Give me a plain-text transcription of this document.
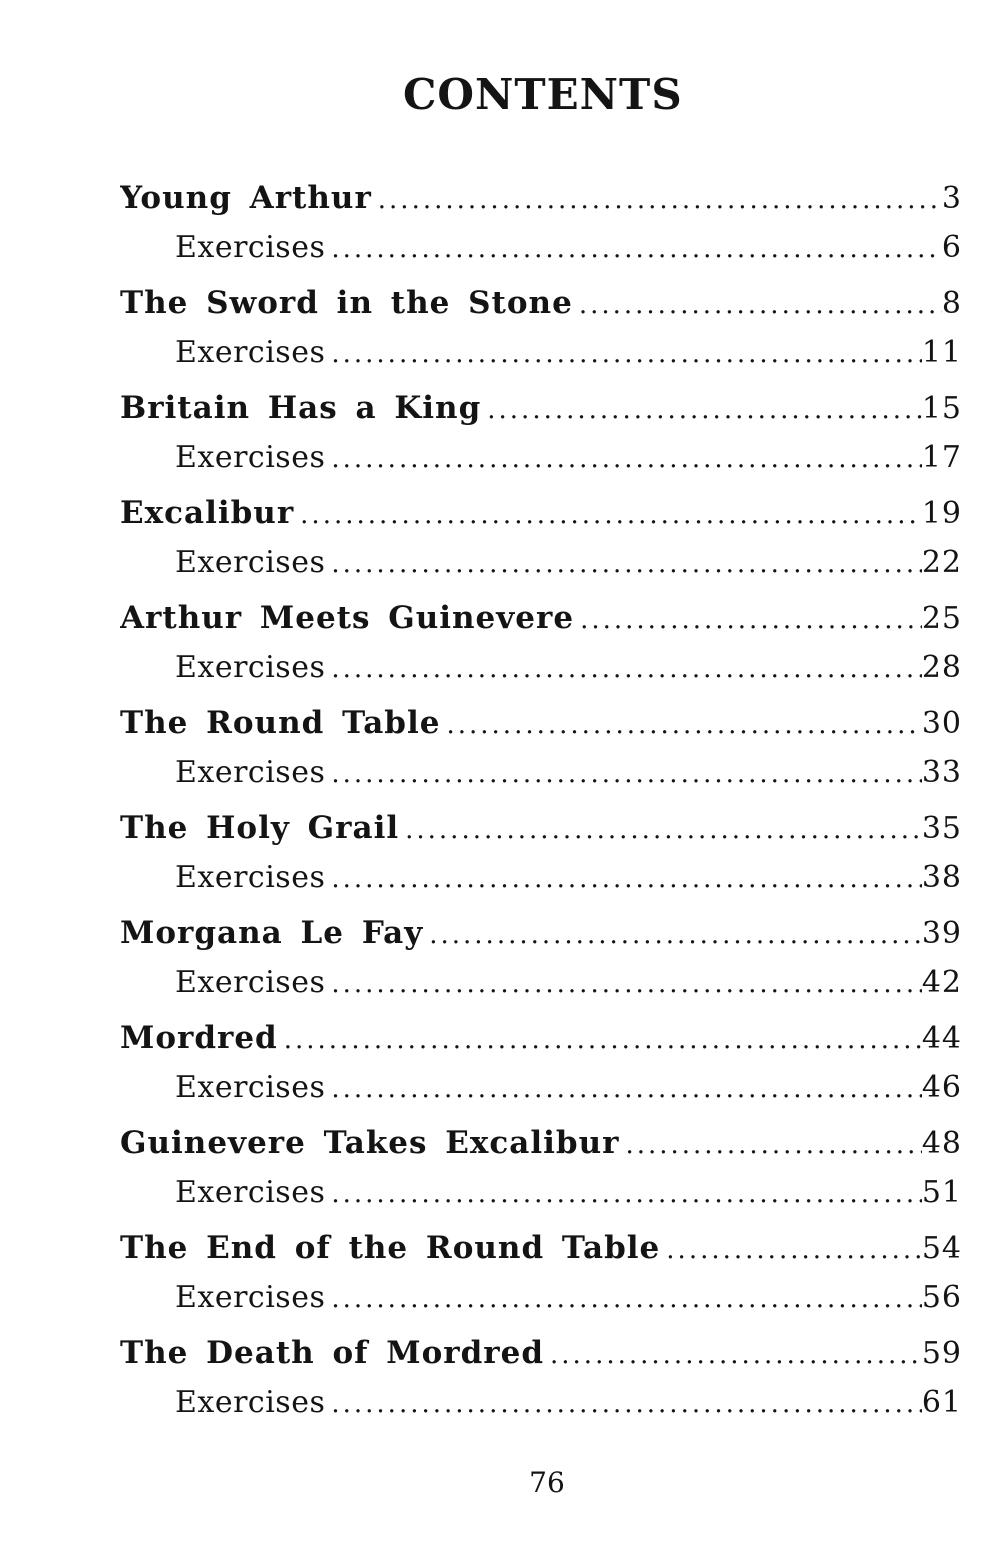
CONTENTS
Young Arthur .....	3
Exercises .....	6
The Sword in the Stone .....	8
Exercises .....	11
Britain Has a King .....	15
Exercises .....	17
Excalibur .....	19
Exercises .....	22
Arthur Meets Guinevere .....	25
Exercises .....	28
The Round Table .....	30
Exercises .....	33
The Holy Grail .....	35
Exercises .....	38
Morgana Le Fay .....	39
Exercises .....	42
Mordred .....	44
Exercises .....	46
Guinevere Takes Excalibur .....	48
Exercises .....	51
The End of the Round Table .....	54
Exercises .....	56
The Death of Mordred .....	59
Exercises .....	61
76
